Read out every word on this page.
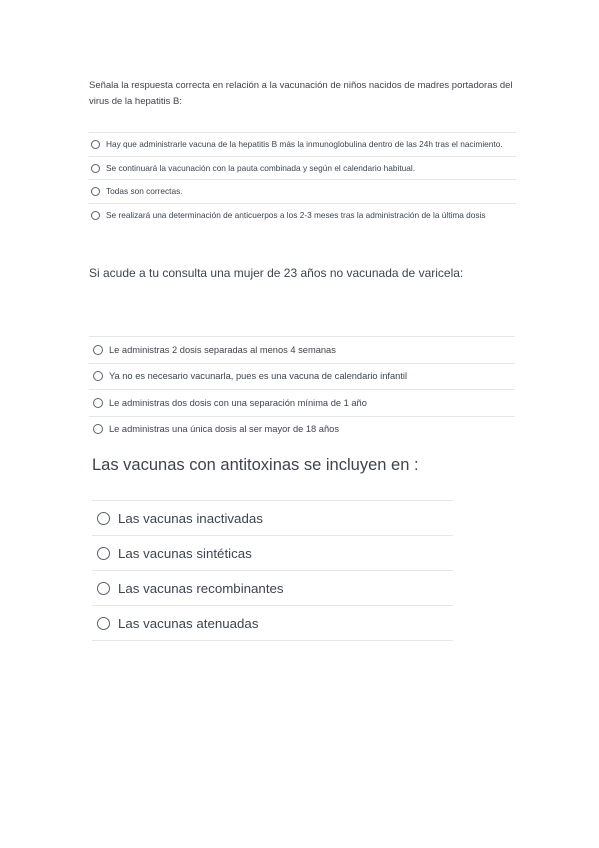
Señala la respuesta correcta en relación a la vacunación de niños nacidos de madres portadoras del virus de la hepatitis B:

Hay que administrarle vacuna de la hepatitis B más la inmunoglobulina dentro de las 24h tras el nacimiento.
Se continuará la vacunación con la pauta combinada y según el calendario habitual.
Todas son correctas.
Se realizará una determinación de anticuerpos a los 2-3 meses tras la administración de la última dosis

Si acude a tu consulta una mujer de 23 años no vacunada de varicela:

Le administras 2 dosis separadas al menos 4 semanas
Ya no es necesario vacunarla, pues es una vacuna de calendario infantil
Le administras dos dosis con una separación mínima de 1 año
Le administras una única dosis al ser mayor de 18 años

Las vacunas con antitoxinas se incluyen en :

Las vacunas inactivadas
Las vacunas sintéticas
Las vacunas recombinantes
Las vacunas atenuadas
